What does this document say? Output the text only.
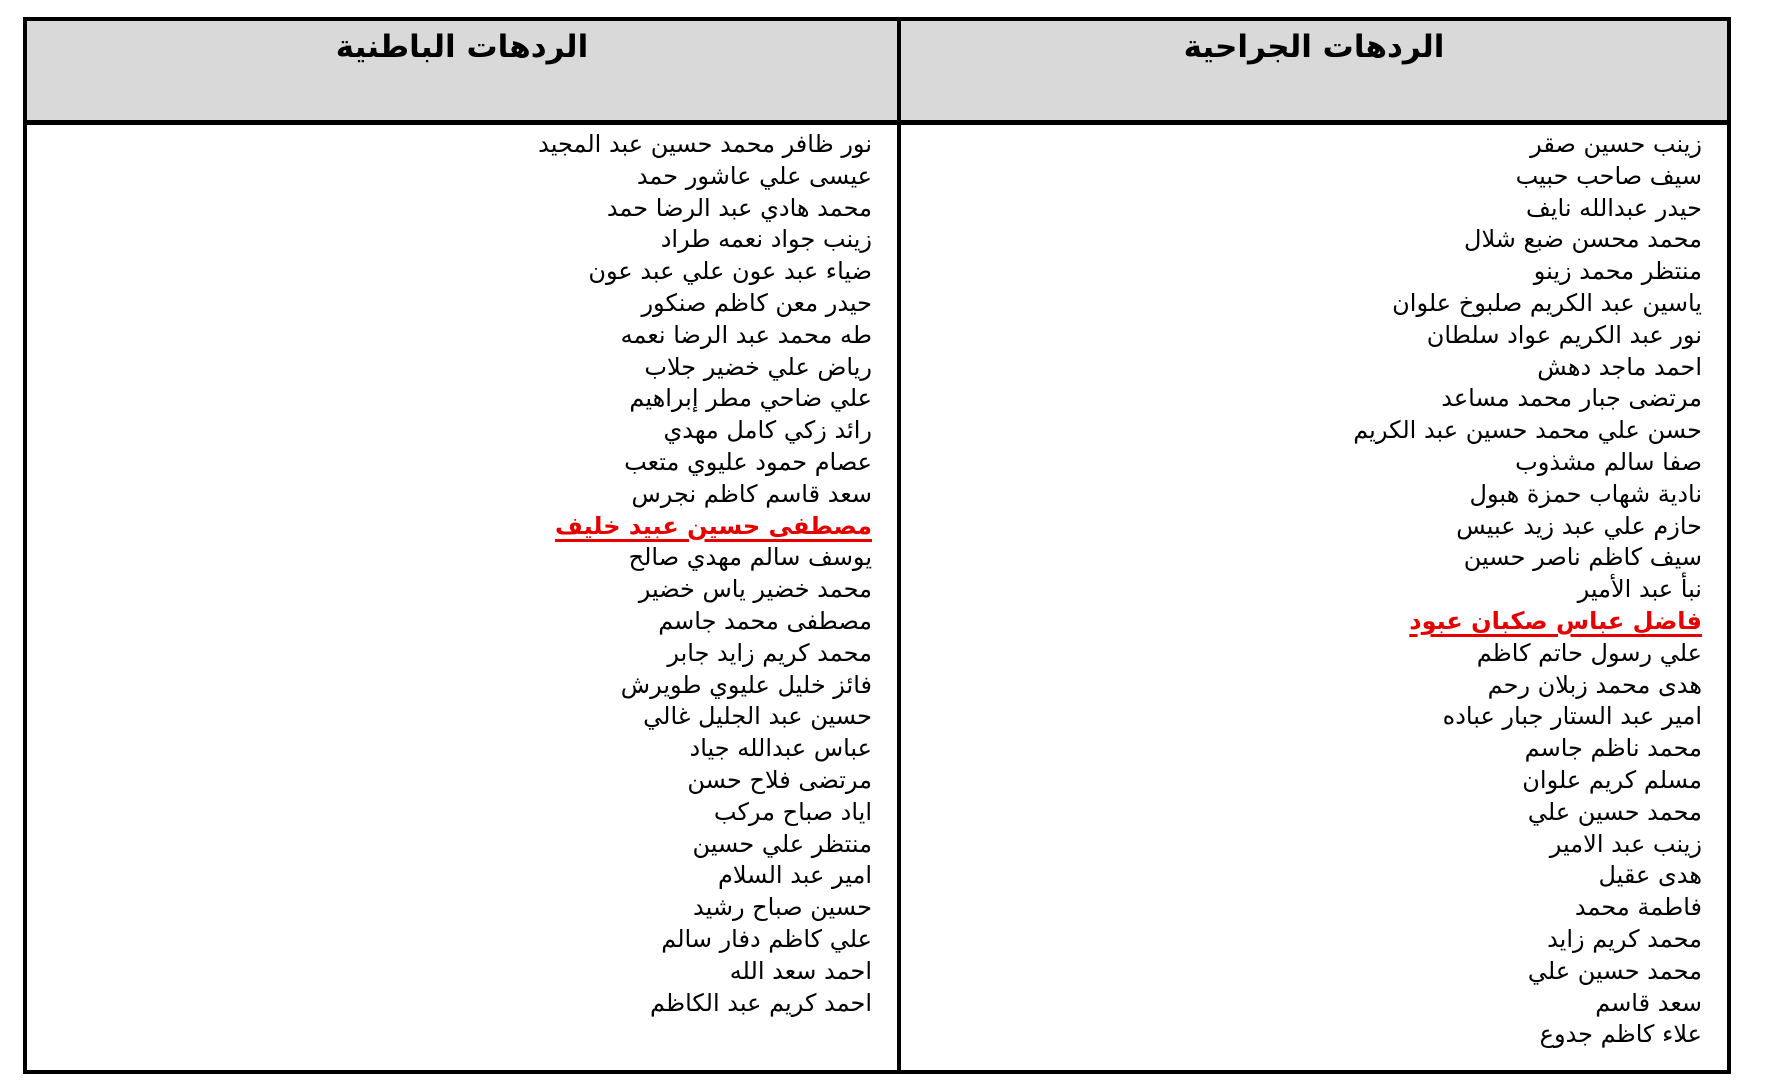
الردهات الجراحية
الردهات الباطنية
زينب حسين صقر
سيف صاحب حبيب
حيدر عبدالله نايف
محمد محسن ضبع شلال
منتظر محمد زينو
ياسين عبد الكريم صلبوخ علوان
نور عبد الكريم عواد سلطان
احمد ماجد دهش
مرتضى جبار محمد مساعد
حسن علي محمد حسين عبد الكريم
صفا سالم مشذوب
نادية شهاب حمزة هبول
حازم علي عبد زيد عبيس
سيف كاظم ناصر حسين
نبأ عبد الأمير
فاضل عباس صكبان عبود
علي رسول حاتم كاظم
هدى محمد زبلان رحم
امير عبد الستار جبار عباده
محمد ناظم جاسم
مسلم كريم علوان
محمد حسين علي
زينب عبد الامير
هدى عقيل
فاطمة محمد
محمد كريم زايد
محمد حسين علي
سعد قاسم
علاء كاظم جدوع
نور ظافر محمد حسين عبد المجيد
عيسى علي عاشور حمد
محمد هادي عبد الرضا حمد
زينب جواد نعمه طراد
ضياء عبد عون علي عبد عون
حيدر معن كاظم صنكور
طه محمد عبد الرضا نعمه
رياض علي خضير جلاب
علي ضاحي مطر إبراهيم
رائد زكي كامل مهدي
عصام حمود عليوي متعب
سعد قاسم كاظم نجرس
مصطفى حسين عبيد خليف
يوسف سالم مهدي صالح
محمد خضير ياس خضير
مصطفى محمد جاسم
محمد كريم زايد جابر
فائز خليل عليوي طويرش
حسين عبد الجليل غالي
عباس عبدالله جياد
مرتضى فلاح حسن
اياد صباح مركب
منتظر علي حسين
امير عبد السلام
حسين صباح رشيد
علي كاظم دفار سالم
احمد سعد الله
احمد كريم عبد الكاظم
